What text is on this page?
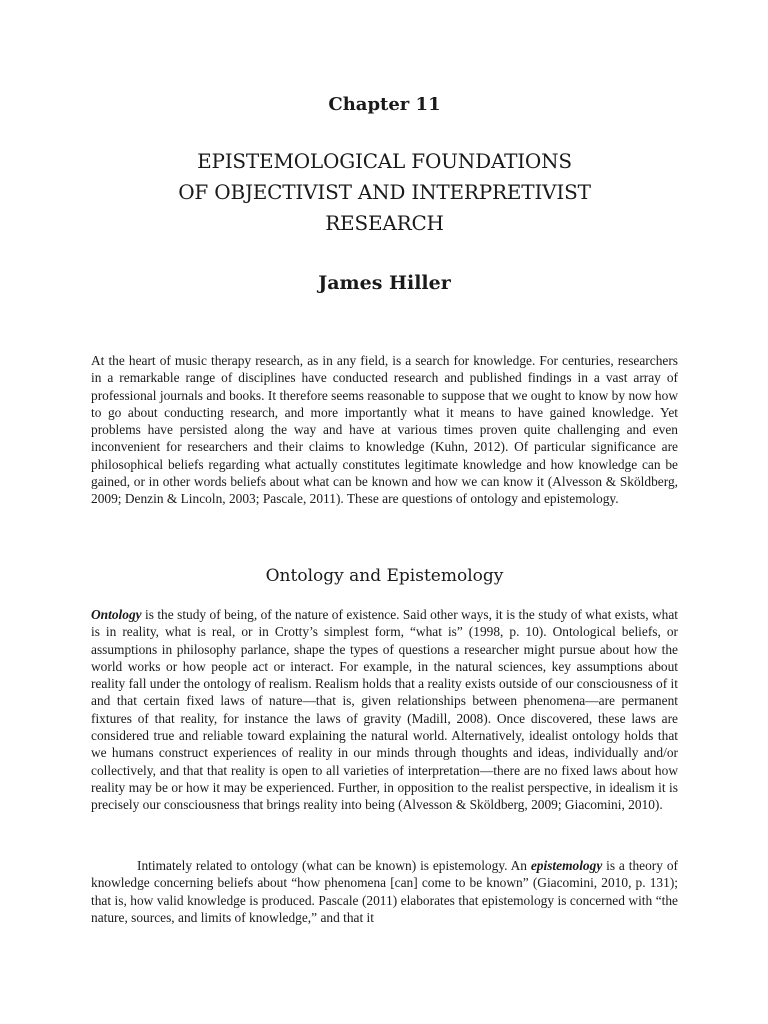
Chapter 11
EPISTEMOLOGICAL FOUNDATIONS
OF OBJECTIVIST AND INTERPRETIVIST
RESEARCH
James Hiller

At the heart of music therapy research, as in any field, is a search for knowledge. For centuries, researchers in a remarkable range of disciplines have conducted research and published findings in a vast array of professional journals and books. It therefore seems reasonable to suppose that we ought to know by now how to go about conducting research, and more importantly what it means to have gained knowledge. Yet problems have persisted along the way and have at various times proven quite challenging and even inconvenient for researchers and their claims to knowledge (Kuhn, 2012). Of particular significance are philosophical beliefs regarding what actually constitutes legitimate knowledge and how knowledge can be gained, or in other words beliefs about what can be known and how we can know it (Alvesson & Sköldberg, 2009; Denzin & Lincoln, 2003; Pascale, 2011). These are questions of ontology and epistemology.

Ontology and Epistemology

Ontology is the study of being, of the nature of existence. Said other ways, it is the study of what exists, what is in reality, what is real, or in Crotty’s simplest form, “what is” (1998, p. 10). Ontological beliefs, or assumptions in philosophy parlance, shape the types of questions a researcher might pursue about how the world works or how people act or interact. For example, in the natural sciences, key assumptions about reality fall under the ontology of realism. Realism holds that a reality exists outside of our consciousness of it and that certain fixed laws of nature—that is, given relationships between phenomena—are permanent fixtures of that reality, for instance the laws of gravity (Madill, 2008). Once discovered, these laws are considered true and reliable toward explaining the natural world. Alternatively, idealist ontology holds that we humans construct experiences of reality in our minds through thoughts and ideas, individually and/or collectively, and that that reality is open to all varieties of interpretation—there are no fixed laws about how reality may be or how it may be experienced. Further, in opposition to the realist perspective, in idealism it is precisely our consciousness that brings reality into being (Alvesson & Sköldberg, 2009; Giacomini, 2010).

Intimately related to ontology (what can be known) is epistemology. An epistemology is a theory of knowledge concerning beliefs about “how phenomena [can] come to be known” (Giacomini, 2010, p. 131); that is, how valid knowledge is produced. Pascale (2011) elaborates that epistemology is concerned with “the nature, sources, and limits of knowledge,” and that it
